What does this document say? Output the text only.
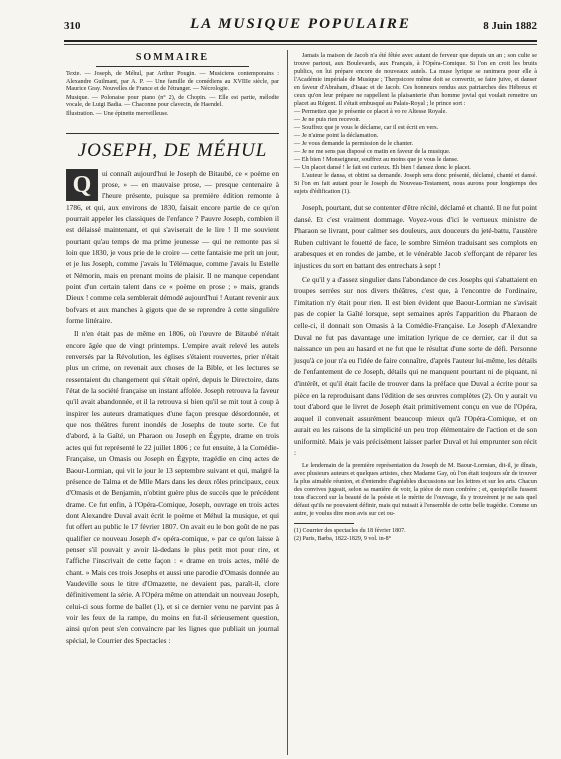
310	LA MUSIQUE POPULAIRE	8 Juin 1882
SOMMAIRE

Texte. — Joseph, de Méhul, par Arthur Pougin. — Musiciens contemporains : Alexandre Guilmant, par A. P. — Une famille de comédiens au XVIIIe siècle, par Maurice Gray. Nouvelles de France et de l'étranger. — Nécrologie.

Musique. — Polonaise pour piano (n° 2), de Chopin. — Elle est partie, mélodie vocale, de Luigi Badia. — Chaconne pour clavecin, de Haendel.

Illustration. — Une épinette merveilleuse.

JOSEPH, DE MÉHUL

Q	ui connaît aujourd'hui le Joseph de Bitaubé, ce « poème en prose, » — en mauvaise prose, — presque centenaire à l'heure présente, puisque sa première édition remonte à 1786, et qui, aux environs de 1830, faisait encore partie de ce qu'on pourrait appeler les classiques de l'enfance ? Pauvre Joseph, combien il est délaissé maintenant, et qui s'aviserait de le lire ! Il me souvient pourtant qu'au temps de ma prime jeunesse — qui ne remonte pas si loin que 1830, je vous prie de le croire — cette fantaisie me prit un jour, et je lus Joseph, comme j'avais lu Télémaque, comme j'avais lu Estelle et Némorin, mais en prenant moins de plaisir. Il ne manque cependant point d'un certain talent dans ce « poème en prose ; » mais, grands Dieux ! comme cela semblerait démodé aujourd'hui ! Autant revenir aux bofvars et aux manches à gigots que de se reprendre à cette singulière forme littéraire.

Il n'en était pas de même en 1806, où l'œuvre de Bitaubé n'était encore âgée que de vingt printemps. L'empire avait relevé les autels renversés par la Révolution, les églises s'étaient rouvertes, prier n'était plus un crime, on revenait aux choses de la Bible, et les lectures se ressentaient du changement qui s'était opéré, depuis le Directoire, dans l'état de la société française un instant affolée. Joseph retrouva la faveur qu'il avait abandonnée, et il la retrouva si bien qu'il se mit tout à coup à inspirer les auteurs dramatiques d'une façon presque désordonnée, et que nos théâtres furent inondés de Josephs de toute sorte. Ce fut d'abord, à la Gaîté, un Pharaon ou Joseph en Égypte, drame en trois actes qui fut représenté le 22 juillet 1806 ; ce fut ensuite, à la Comédie-Française, un Omasis ou Joseph en Égypte, tragédie en cinq actes de Baour-Lormian, qui vit le jour le 13 septembre suivant et qui, malgré la présence de Talma et de Mlle Mars dans les deux rôles principaux, ceux d'Omasis et de Benjamin, n'obtint guère plus de succès que le précédent drame. Ce fut enfin, à l'Opéra-Comique, Joseph, ouvrage en trois actes dont Alexandre Duval avait écrit le poème et Méhul la musique, et qui fut offert au public le 17 février 1807. On avait eu le bon goût de ne pas qualifier ce nouveau Joseph d'« opéra-comique, » par ce qu'on laisse à penser s'il pouvait y avoir là-dedans le plus petit mot pour rire, et l'affiche l'inscrivait de cette façon : « drame en trois actes, mêlé de chant. » Mais ces trois Josephs et aussi une parodie d'Omasis donnée au Vaudeville sous le titre d'Omazette, ne devaient pas, paraît-il, clore définitivement la série. A l'Opéra même on attendait un nouveau Joseph, celui-ci sous forme de ballet (1), et si ce dernier venu ne parvint pas à voir les feux de la rampe, du moins en fut-il sérieusement question, ainsi qu'on peut s'en convaincre par les lignes que publiait un journal spécial, le Courrier des Spectacles :

Jamais la maison de Jacob n'a été fêtée avec autant de ferveur que depuis un an ; son culte se trouve partout, aux Boulevards, aux Français, à l'Opéra-Comique. Si l'on en croit les bruits publics, on lui prépare encore de nouveaux autels. La muse lyrique se ranimera pour elle à l'Académie impériale de Musique ; Therpsicore même doit se convertir, se faire juive, et danser en faveur d'Abraham, d'Isaac et de Jacob. Ces honneurs rendus aux patriarches des Hébreux et ceux qu'on leur prépare ne rappellent la plaisanterie d'un homme jovial qui voulait remettre un placet au Régent. Il s'était embusqué au Palais-Royal ; le prince sort :

— Permettez que je présente ce placet à vo re Altesse Royale.

— Je ne puis rien recevoir.

— Souffrez que je vous le déclame, car il est écrit en vers.

— Je n'aime point la déclamation.

— Je vous demande la permission de le chanter.

— Je ne me sens pas disposé ce matin en faveur de la musique.

— Eh bien ! Monseigneur, souffrez au moins que je vous le danse.

— Un placet dansé ! le fait est curieux. Eh bien ! dansez donc le placet.

L'auteur le dansa, et obtint sa demande. Joseph sera donc présenté, déclamé, chanté et dansé. Si l'on en fait autant pour le Joseph du Nouveau-Testament, nous aurons pour longtemps des sujets d'édification (1).

Joseph, pourtant, dut se contenter d'être récité, déclamé et chanté. Il ne fut point dansé. Et c'est vraiment dommage. Voyez-vous d'ici le vertueux ministre de Pharaon se livrant, pour calmer ses douleurs, aux douceurs du jeté-battu, l'austère Ruben cultivant le fouetté de face, le sombre Siméon traduisant ses complots en arabesques et en rondes de jambe, et le vénérable Jacob s'efforçant de réparer les injustices du sort en battant des entrechats à sept !

Ce qu'il y a d'assez singulier dans l'abondance de ces Josephs qui s'abattaient en troupes serrées sur nos divers théâtres, c'est que, à l'encontre de l'ordinaire, l'imitation n'y était pour rien. Il est bien évident que Baour-Lormian ne s'avisait pas de copier la Gaîté lorsque, sept semaines après l'apparition du Pharaon de celle-ci, il donnait son Omasis à la Comédie-Française. Le Joseph d'Alexandre Duval ne fut pas davantage une imitation lyrique de ce dernier, car il dut sa naissance un peu au hasard et ne fut que le résultat d'une sorte de défi. Personne jusqu'à ce jour n'a eu l'idée de faire connaître, d'après l'auteur lui-même, les détails de l'enfantement de ce Joseph, détails qui ne manquent pourtant ni de piquant, ni d'intérêt, et qu'il était facile de trouver dans la préface que Duval a écrite pour sa pièce en la reproduisant dans l'édition de ses œuvres complètes (2). On y aurait vu tout d'abord que le livret de Joseph était primitivement conçu en vue de l'Opéra, auquel il convenait assurément beaucoup mieux qu'à l'Opéra-Comique, et on aurait eu les raisons de la simplicité un peu trop élémentaire de l'action et de son uniformité. Mais je vais précisément laisser parler Duval et lui emprunter son récit :

Le lendemain de la première représentation du Joseph de M. Baour-Lormian, dit-il, je dînais, avec plusieurs auteurs et quelques artistes, chez Madame Gay, où l'on était toujours sûr de trouver la plus aimable réunion, et d'entendre d'agréables discussions sur les lettres et sur les arts. Chacun des convives jugeait, selon sa manière de voir, la pièce de mon confrère ; et, quoiqu'elle fussent tous d'accord sur la beauté de la poésie et le mérite de l'ouvrage, ils y trouvèrent je ne sais quel défaut qu'ils ne pouvaient définir, mais qui nuisait à l'ensemble de cette belle tragédie. Comme un autre, je voulus dire mon avis sur cet ou-

(1) Courrier des spectacles du 18 février 1807.

(2) Paris, Barba, 1822-1829, 9 vol. in-8°
